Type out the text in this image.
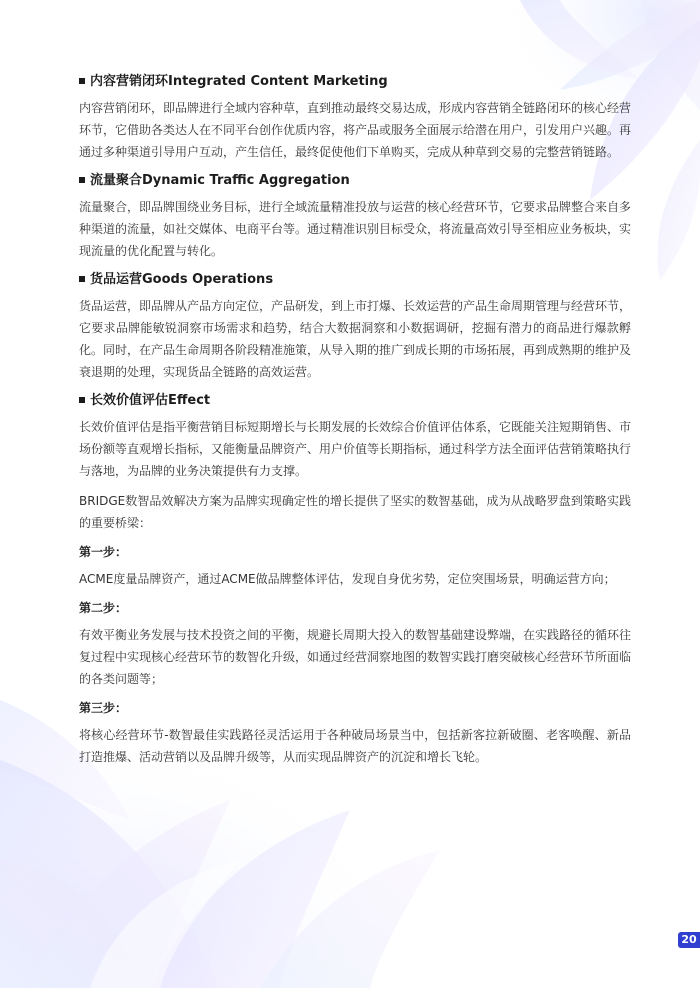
内容营销闭环Integrated Content Marketing

内容营销闭环，即品牌进行全域内容种草，直到推动最终交易达成，形成内容营销全链路闭环的核心经营环节，它借助各类达人在不同平台创作优质内容，将产品或服务全面展示给潜在用户，引发用户兴趣。再通过多种渠道引导用户互动，产生信任，最终促使他们下单购买，完成从种草到交易的完整营销链路。

流量聚合Dynamic Traffic Aggregation

流量聚合，即品牌围绕业务目标，进行全域流量精准投放与运营的核心经营环节，它要求品牌整合来自多种渠道的流量，如社交媒体、电商平台等。通过精准识别目标受众，将流量高效引导至相应业务板块，实现流量的优化配置与转化。

货品运营Goods Operations

货品运营，即品牌从产品方向定位，产品研发，到上市打爆、长效运营的产品生命周期管理与经营环节，它要求品牌能敏锐洞察市场需求和趋势，结合大数据洞察和小数据调研，挖掘有潜力的商品进行爆款孵化。同时，在产品生命周期各阶段精准施策，从导入期的推广到成长期的市场拓展，再到成熟期的维护及衰退期的处理，实现货品全链路的高效运营。

长效价值评估Effect

长效价值评估是指平衡营销目标短期增长与长期发展的长效综合价值评估体系，它既能关注短期销售、市场份额等直观增长指标，又能衡量品牌资产、用户价值等长期指标，通过科学方法全面评估营销策略执行与落地，为品牌的业务决策提供有力支撑。

BRIDGE数智品效解决方案为品牌实现确定性的增长提供了坚实的数智基础，成为从战略罗盘到策略实践的重要桥梁：

第一步：

ACME度量品牌资产，通过ACME做品牌整体评估，发现自身优劣势，定位突围场景，明确运营方向；

第二步：

有效平衡业务发展与技术投资之间的平衡，规避长周期大投入的数智基础建设弊端，在实践路径的循环往复过程中实现核心经营环节的数智化升级，如通过经营洞察地图的数智实践打磨突破核心经营环节所面临的各类问题等；

第三步：

将核心经营环节-数智最佳实践路径灵活运用于各种破局场景当中，包括新客拉新破圈、老客唤醒、新品打造推爆、活动营销以及品牌升级等，从而实现品牌资产的沉淀和增长飞轮。

20
